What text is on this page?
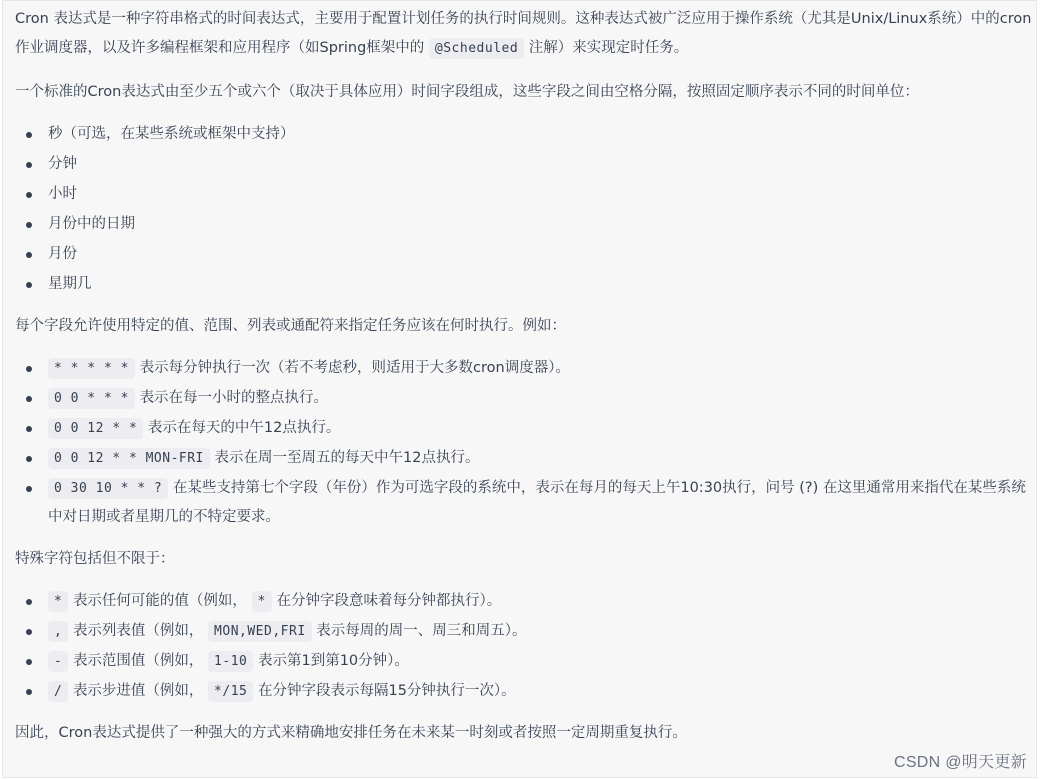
Cron 表达式是一种字符串格式的时间表达式，主要用于配置计划任务的执行时间规则。这种表达式被广泛应用于操作系统（尤其是Unix/Linux系统）中的cron作业调度器，以及许多编程框架和应用程序（如Spring框架中的 @Scheduled 注解）来实现定时任务。

一个标准的Cron表达式由至少五个或六个（取决于具体应用）时间字段组成，这些字段之间由空格分隔，按照固定顺序表示不同的时间单位：

秒（可选，在某些系统或框架中支持）
分钟
小时
月份中的日期
月份
星期几

每个字段允许使用特定的值、范围、列表或通配符来指定任务应该在何时执行。例如：

* * * * * 表示每分钟执行一次（若不考虑秒，则适用于大多数cron调度器）。
0 0 * * * 表示在每一小时的整点执行。
0 0 12 * * 表示在每天的中午12点执行。
0 0 12 * * MON-FRI 表示在周一至周五的每天中午12点执行。
0 30 10 * * ? 在某些支持第七个字段（年份）作为可选字段的系统中，表示在每月的每天上午10:30执行，问号 (?) 在这里通常用来指代在某些系统中对日期或者星期几的不特定要求。

特殊字符包括但不限于：

* 表示任何可能的值（例如， * 在分钟字段意味着每分钟都执行）。
, 表示列表值（例如， MON,WED,FRI 表示每周的周一、周三和周五）。
- 表示范围值（例如， 1-10 表示第1到第10分钟）。
/ 表示步进值（例如， */15 在分钟字段表示每隔15分钟执行一次）。

因此，Cron表达式提供了一种强大的方式来精确地安排任务在未来某一时刻或者按照一定周期重复执行。

CSDN @明天更新
